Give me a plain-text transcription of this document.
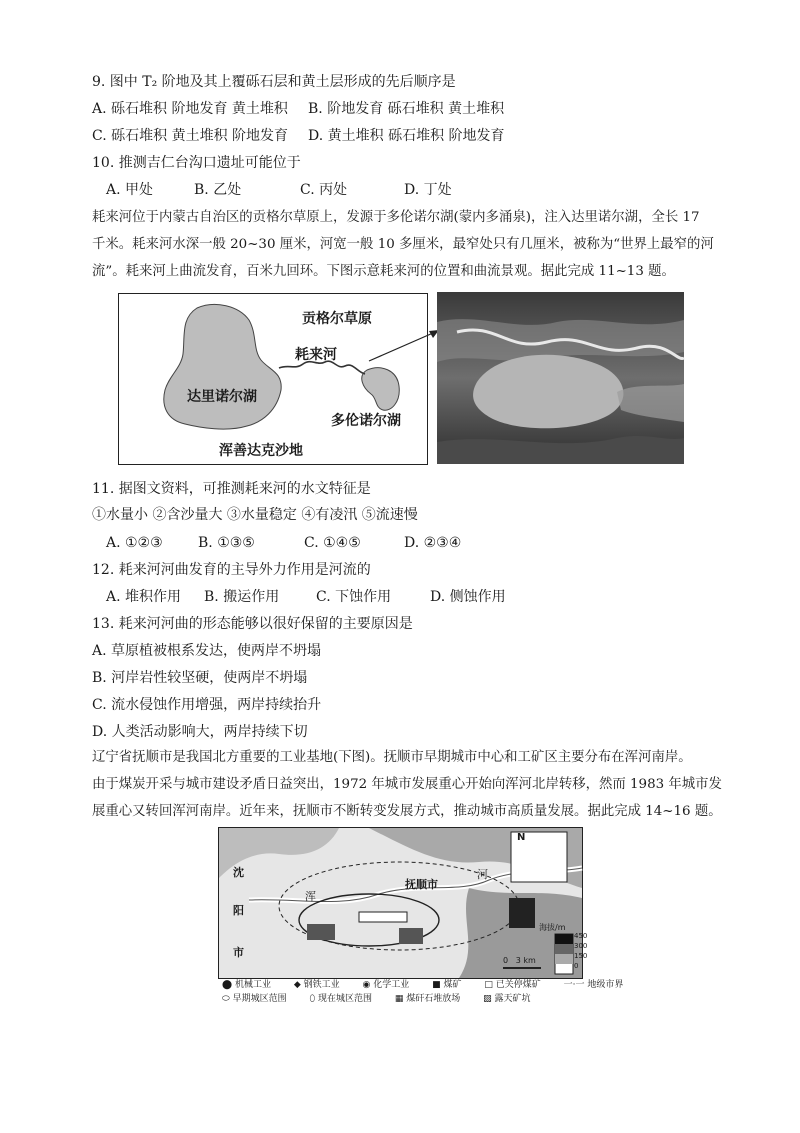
9. 图中 T₂ 阶地及其上覆砾石层和黄土层形成的先后顺序是
A. 砾石堆积 阶地发育 黄土堆积 B. 阶地发育 砾石堆积 黄土堆积
C. 砾石堆积 黄土堆积 阶地发育 D. 黄土堆积 砾石堆积 阶地发育
10. 推测吉仁台沟口遗址可能位于
A. 甲处	B. 乙处	C. 丙处	D. 丁处
耗来河位于内蒙古自治区的贡格尔草原上，发源于多伦诺尔湖(蒙内多涌泉)，注入达里诺尔湖，全长 17
千米。耗来河水深一般 20~30 厘米，河宽一般 10 多厘米，最窄处只有几厘米，被称为“世界上最窄的河
流”。耗来河上曲流发育，百米九回环。下图示意耗来河的位置和曲流景观。据此完成 11~13 题。
贡格尔草原
耗来河
达里诺尔湖
多伦诺尔湖
浑善达克沙地
11. 据图文资料，可推测耗来河的水文特征是
①水量小 ②含沙量大 ③水量稳定 ④有凌汛 ⑤流速慢
A. ①②③	B. ①③⑤	C. ①④⑤	D. ②③④
12. 耗来河河曲发育的主导外力作用是河流的
A. 堆积作用 B. 搬运作用	C. 下蚀作用	D. 侧蚀作用
13. 耗来河河曲的形态能够以很好保留的主要原因是
A. 草原植被根系发达，使两岸不坍塌
B. 河岸岩性较坚硬，使两岸不坍塌
C. 流水侵蚀作用增强，两岸持续抬升
D. 人类活动影响大，两岸持续下切
辽宁省抚顺市是我国北方重要的工业基地(下图)。抚顺市早期城市中心和工矿区主要分布在浑河南岸。
由于煤炭开采与城市建设矛盾日益突出，1972 年城市发展重心开始向浑河北岸转移，然而 1983 年城市发
展重心又转回浑河南岸。近年来，抚顺市不断转变发展方式，推动城市高质量发展。据此完成 14~16 题。
N
抚顺市
河
沈
阳
市
浑
海拔/m
450
300
150
0
0   3 km
⬤ 机械工业	◆ 钢铁工业	◉ 化学工业	■ 煤矿	□ 已关停煤矿	一·一 地级市界
⬭ 早期城区范围	⬯ 现在城区范围	▦ 煤矸石堆放场	▨ 露天矿坑
